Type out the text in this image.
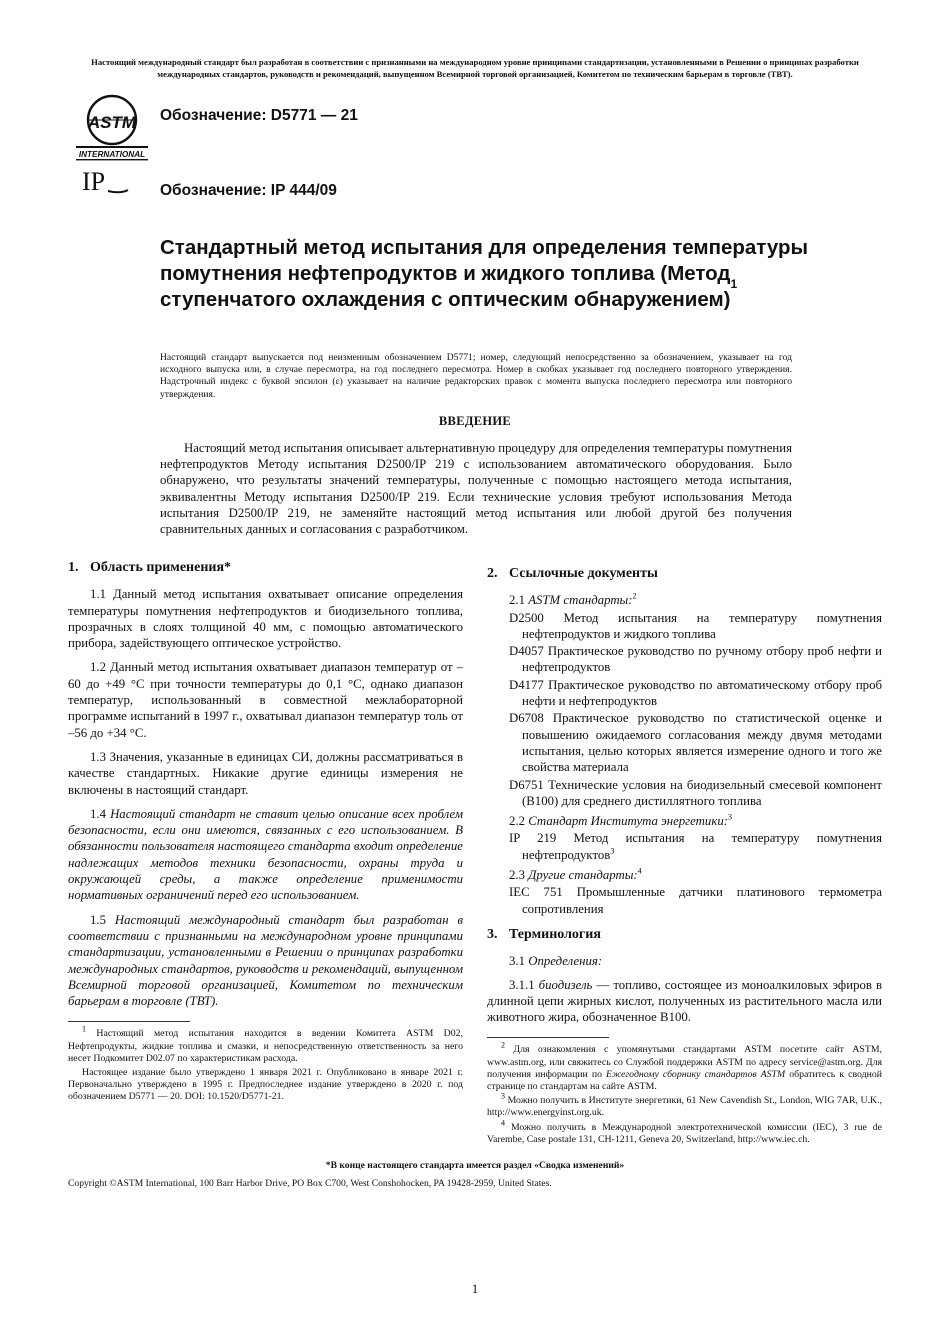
Настоящий международный стандарт был разработан в соответствии с признанными на международном уровне принципами стандартизации, установленными в Решении о принципах разработки международных стандартов, руководств и рекомендаций, выпущенном Всемирной торговой организацией, Комитетом по техническим барьерам в торговле (ТВТ).
ASTM
INTERNATIONAL
IP
Обозначение: D5771 — 21
Обозначение: IP 444/09
Стандартный метод испытания для определения температуры помутнения нефтепродуктов и жидкого топлива (Метод ступенчатого охлаждения с оптическим обнаружением)$^1$
Настоящий стандарт выпускается под неизменным обозначением D5771; номер, следующий непосредственно за обозначением, указывает на год исходного выпуска или, в случае пересмотра, на год последнего пересмотра. Номер в скобках указывает год последнего повторного утверждения. Надстрочный индекс с буквой эпсилон (ε) указывает на наличие редакторских правок с момента выпуска последнего пересмотра или повторного утверждения.
ВВЕДЕНИЕ
Настоящий метод испытания описывает альтернативную процедуру для определения температуры помутнения нефтепродуктов Методу испытания D2500/IP 219 с использованием автоматического оборудования. Было обнаружено, что результаты значений температуры, полученные с помощью настоящего метода испытания, эквивалентны Методу испытания D2500/IP 219. Если технические условия требуют использования Метода испытания D2500/IP 219, не заменяйте настоящий метод испытания или любой другой без получения сравнительных данных и согласования с разработчиком.
1. Область применения*

1.1 Данный метод испытания охватывает описание определения температуры помутнения нефтепродуктов и биодизельного топлива, прозрачных в слоях толщиной 40 мм, с помощью автоматического прибора, задействующего оптическое устройство.

1.2 Данный метод испытания охватывает диапазон температур от –60 до +49 °С при точности температуры до 0,1 °С, однако диапазон температур, использованный в совместной межлабораторной программе испытаний в 1997 г., охватывал диапазон температур толь от –56 до +34 °С.

1.3 Значения, указанные в единицах СИ, должны рассматриваться в качестве стандартных. Никакие другие единицы измерения не включены в настоящий стандарт.

1.4 Настоящий стандарт не ставит целью описание всех проблем безопасности, если они имеются, связанных с его использованием. В обязанности пользователя настоящего стандарта входит определение надлежащих методов техники безопасности, охраны труда и окружающей среды, а также определение применимости нормативных ограничений перед его использованием.

1.5 Настоящий международный стандарт был разработан в соответствии с признанными на международном уровне принципами стандартизации, установленными в Решении о принципах разработки международных стандартов, руководств и рекомендаций, выпущенном Всемирной торговой организацией, Комитетом по техническим барьерам в торговле (ТВТ).

$^1$ Настоящий метод испытания находится в ведении Комитета ASTM D02, Нефтепродукты, жидкие топлива и смазки, и непосредственную ответственность за него несет Подкомитет D02.07 по характеристикам расхода.

Настоящее издание было утверждено 1 января 2021 г. Опубликовано в январе 2021 г. Первоначально утверждено в 1995 г. Предпоследнее издание утверждено в 2020 г. под обозначением D5771 — 20. DOI: 10.1520/D5771-21.

2. Ссылочные документы

2.1 ASTM стандарты:$^2$

D2500 Метод испытания на температуру помутнения нефтепродуктов и жидкого топлива

D4057 Практическое руководство по ручному отбору проб нефти и нефтепродуктов

D4177 Практическое руководство по автоматическому отбору проб нефти и нефтепродуктов

D6708 Практическое руководство по статистической оценке и повышению ожидаемого согласования между двумя методами испытания, целью которых является измерение одного и того же свойства материала

D6751 Технические условия на биодизельный смесевой компонент (B100) для среднего дистиллятного топлива

2.2 Стандарт Института энергетики:$^3$

IP 219 Метод испытания на температуру помутнения нефтепродуктов$^3$

2.3 Другие стандарты:$^4$

IEC 751 Промышленные датчики платинового термометра сопротивления

3. Терминология

3.1 Определения:

3.1.1 биодизель — топливо, состоящее из моноалкиловых эфиров в длинной цепи жирных кислот, полученных из растительного масла или животного жира, обозначенное B100.

$^2$ Для ознакомления с упомянутыми стандартами ASTM посетите сайт ASTM, www.astm.org, или свяжитесь со Службой поддержки ASTM по адресу service@astm.org. Для получения информации по Ежегодному сборнику стандартов ASTM обратитесь к сводной странице по стандартам на сайте ASTM.

$^3$ Можно получить в Институте энергетики, 61 New Cavendish St., London, WIG 7AR, U.K., http://www.energyinst.org.uk.

$^4$ Можно получить в Международной электротехнической комиссии (IEC), 3 rue de Varembe, Case postale 131, CH-1211, Geneva 20, Switzerland, http://www.iec.ch.

*В конце настоящего стандарта имеется раздел «Сводка изменений»
Copyright ©ASTM International, 100 Barr Harbor Drive, PO Box C700, West Conshohocken, PA 19428-2959, United States.
1
